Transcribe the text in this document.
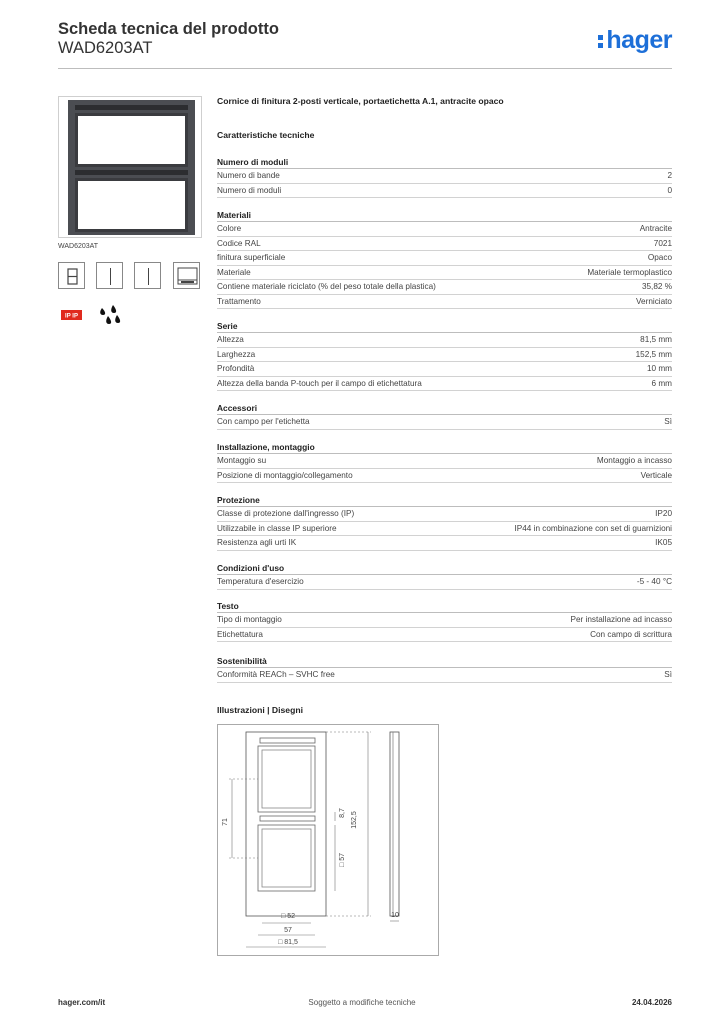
Scheda tecnica del prodotto
WAD6203AT	hager
WAD6203AT
IP IP
Cornice di finitura 2-posti verticale, portaetichetta A.1, antracite opaco
Caratteristiche tecniche
Numero di moduli
Numero di bande	2
Numero di moduli	0
Materiali
Colore	Antracite
Codice RAL	7021
finitura superficiale	Opaco
Materiale	Materiale termoplastico
Contiene materiale riciclato (% del peso totale della plastica)	35,82 %
Trattamento	Verniciato
Serie
Altezza	81,5 mm
Larghezza	152,5 mm
Profondità	10 mm
Altezza della banda P-touch per il campo di etichettatura	6 mm
Accessori
Con campo per l'etichetta	Sì
Installazione, montaggio
Montaggio su	Montaggio a incasso
Posizione di montaggio/collegamento	Verticale
Protezione
Classe di protezione dall'ingresso (IP)	IP20
Utilizzabile in classe IP superiore	IP44 in combinazione con set di guarnizioni
Resistenza agli urti IK	IK05
Condizioni d'uso
Temperatura d'esercizio	-5 - 40 °C
Testo
Tipo di montaggio	Per installazione ad incasso
Etichettatura	Con campo di scrittura
Sostenibilità
Conformità REACh – SVHC free	Sì
Illustrazioni | Disegni
71
8,7 152,5
□ 57
□ 52
57
□ 81,5
10
hager.com/it	Soggetto a modifiche tecniche	24.04.2026
